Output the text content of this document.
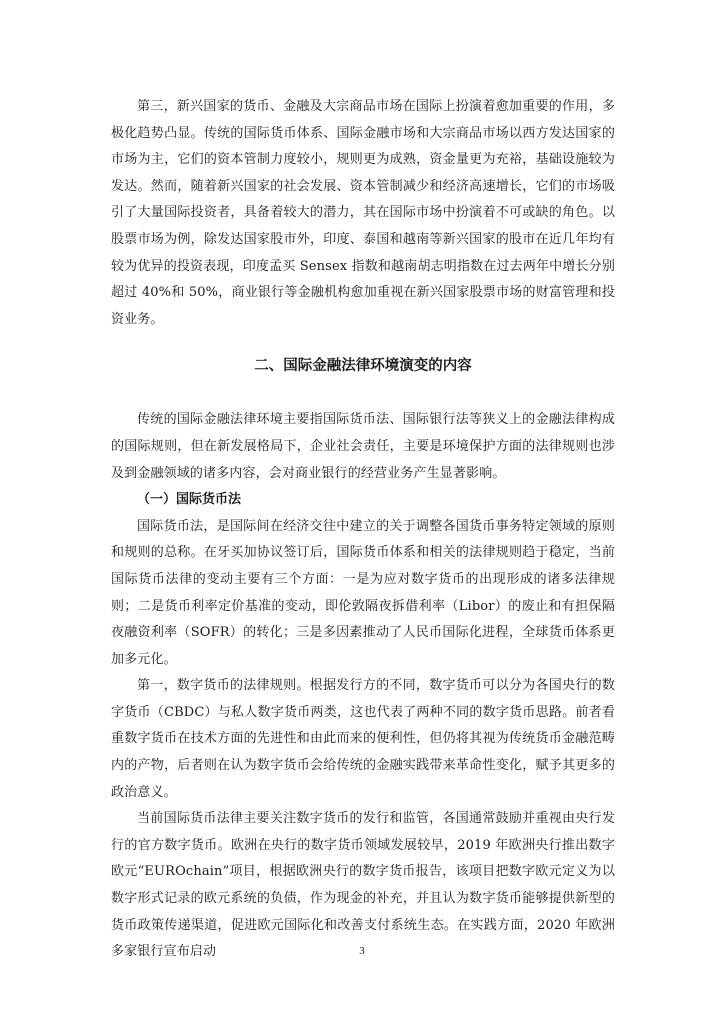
第三，新兴国家的货币、金融及大宗商品市场在国际上扮演着愈加重要的作用，多极化趋势凸显。传统的国际货币体系、国际金融市场和大宗商品市场以西方发达国家的市场为主，它们的资本管制力度较小，规则更为成熟，资金量更为充裕，基础设施较为发达。然而，随着新兴国家的社会发展、资本管制减少和经济高速增长，它们的市场吸引了大量国际投资者，具备着较大的潜力，其在国际市场中扮演着不可或缺的角色。以股票市场为例，除发达国家股市外，印度、泰国和越南等新兴国家的股市在近几年均有较为优异的投资表现，印度孟买 Sensex 指数和越南胡志明指数在过去两年中增长分别超过 40%和 50%，商业银行等金融机构愈加重视在新兴国家股票市场的财富管理和投资业务。

二、国际金融法律环境演变的内容

传统的国际金融法律环境主要指国际货币法、国际银行法等狭义上的金融法律构成的国际规则，但在新发展格局下，企业社会责任，主要是环境保护方面的法律规则也涉及到金融领域的诸多内容，会对商业银行的经营业务产生显著影响。

（一）国际货币法

国际货币法，是国际间在经济交往中建立的关于调整各国货币事务特定领域的原则和规则的总称。在牙买加协议签订后，国际货币体系和相关的法律规则趋于稳定，当前国际货币法律的变动主要有三个方面：一是为应对数字货币的出现形成的诸多法律规则；二是货币利率定价基准的变动，即伦敦隔夜拆借利率（Libor）的废止和有担保隔夜融资利率（SOFR）的转化；三是多因素推动了人民币国际化进程，全球货币体系更加多元化。

第一，数字货币的法律规则。根据发行方的不同，数字货币可以分为各国央行的数字货币（CBDC）与私人数字货币两类，这也代表了两种不同的数字货币思路。前者看重数字货币在技术方面的先进性和由此而来的便利性，但仍将其视为传统货币金融范畴内的产物，后者则在认为数字货币会给传统的金融实践带来革命性变化，赋予其更多的政治意义。

当前国际货币法律主要关注数字货币的发行和监管，各国通常鼓励并重视由央行发行的官方数字货币。欧洲在央行的数字货币领域发展较早，2019 年欧洲央行推出数字欧元“EUROchain”项目，根据欧洲央行的数字货币报告，该项目把数字欧元定义为以数字形式记录的欧元系统的负债，作为现金的补充，并且认为数字货币能够提供新型的货币政策传递渠道，促进欧元国际化和改善支付系统生态。在实践方面，2020 年欧洲多家银行宣布启动	3
